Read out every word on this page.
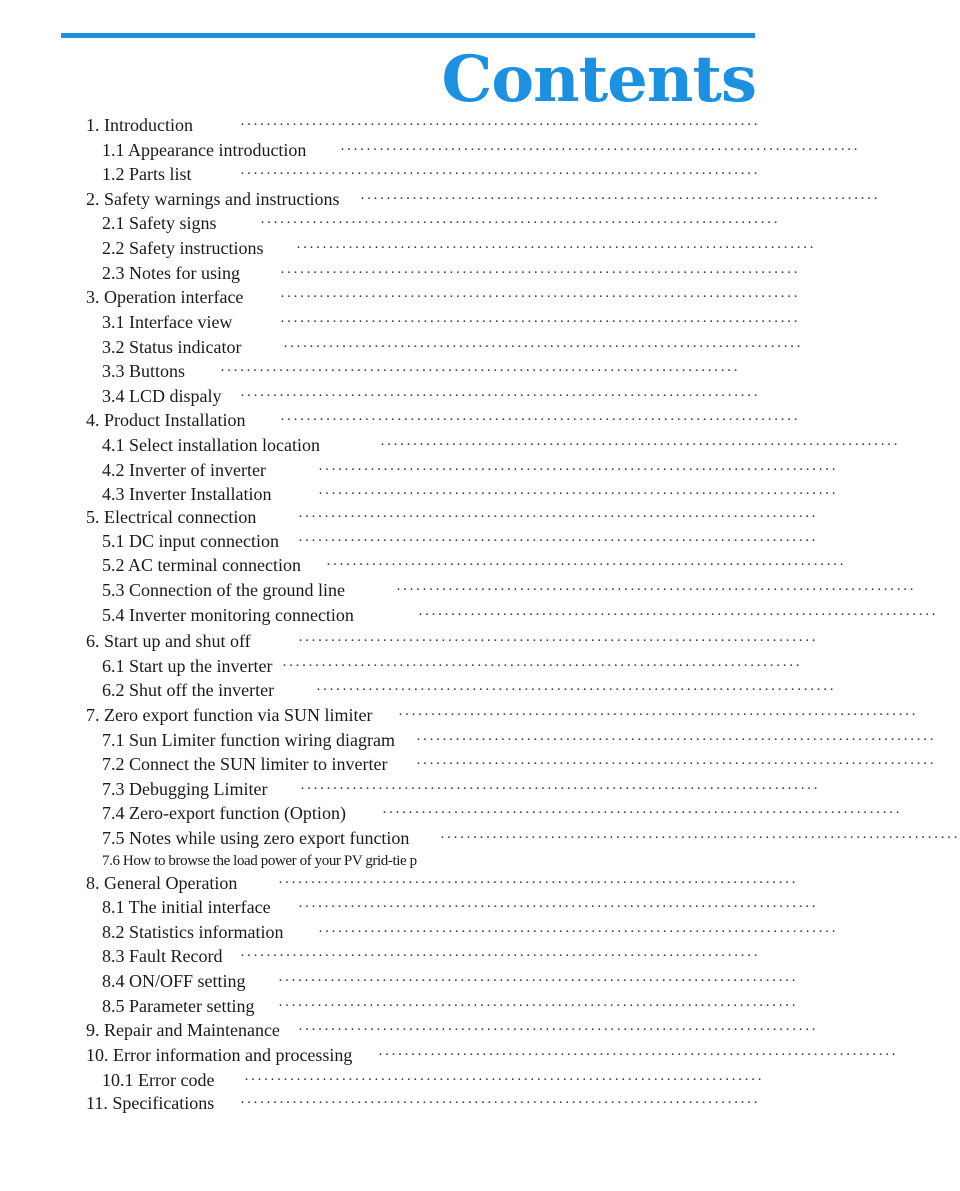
Contents
1. Introduction	················································································
1.1 Appearance introduction ················································································
1.2 Parts list	················································································
2. Safety warnings and instructions ················································································
2.1 Safety signs	················································································
2.2 Safety instructions ················································································
2.3 Notes for using	················································································
3. Operation interface ················································································
3.1 Interface view	················································································
3.2 Status indicator	················································································
3.3 Buttons ················································································
3.4 LCD dispaly ················································································
4. Product Installation ················································································
4.1 Select installation location	················································································
4.2 Inverter of inverter	················································································
4.3 Inverter Installation	················································································
5. Electrical connection	················································································
5.1 DC input connection ················································································
5.2 AC terminal connection ················································································
5.3 Connection of the ground line	················································································
5.4 Inverter monitoring connection	················································································
6. Start up and shut off	················································································
6.1 Start up the inverter ················································································
6.2 Shut off the inverter	················································································
7. Zero export function via SUN limiter ················································································
7.1 Sun Limiter function wiring diagram ················································································
7.2 Connect the SUN limiter to inverter ················································································
7.3 Debugging Limiter ················································································
7.4 Zero-export function (Option) ················································································
7.5 Notes while using zero export function ················································································
7.6 How to browse the load power of your PV grid-tie p
8. General Operation	················································································
8.1 The initial interface ················································································
8.2 Statistics information ················································································
8.3 Fault Record ················································································
8.4 ON/OFF setting ················································································
8.5 Parameter setting ················································································
9. Repair and Maintenance ················································································
10. Error information and processing ················································································
10.1 Error code ················································································
11. Specifications ················································································
